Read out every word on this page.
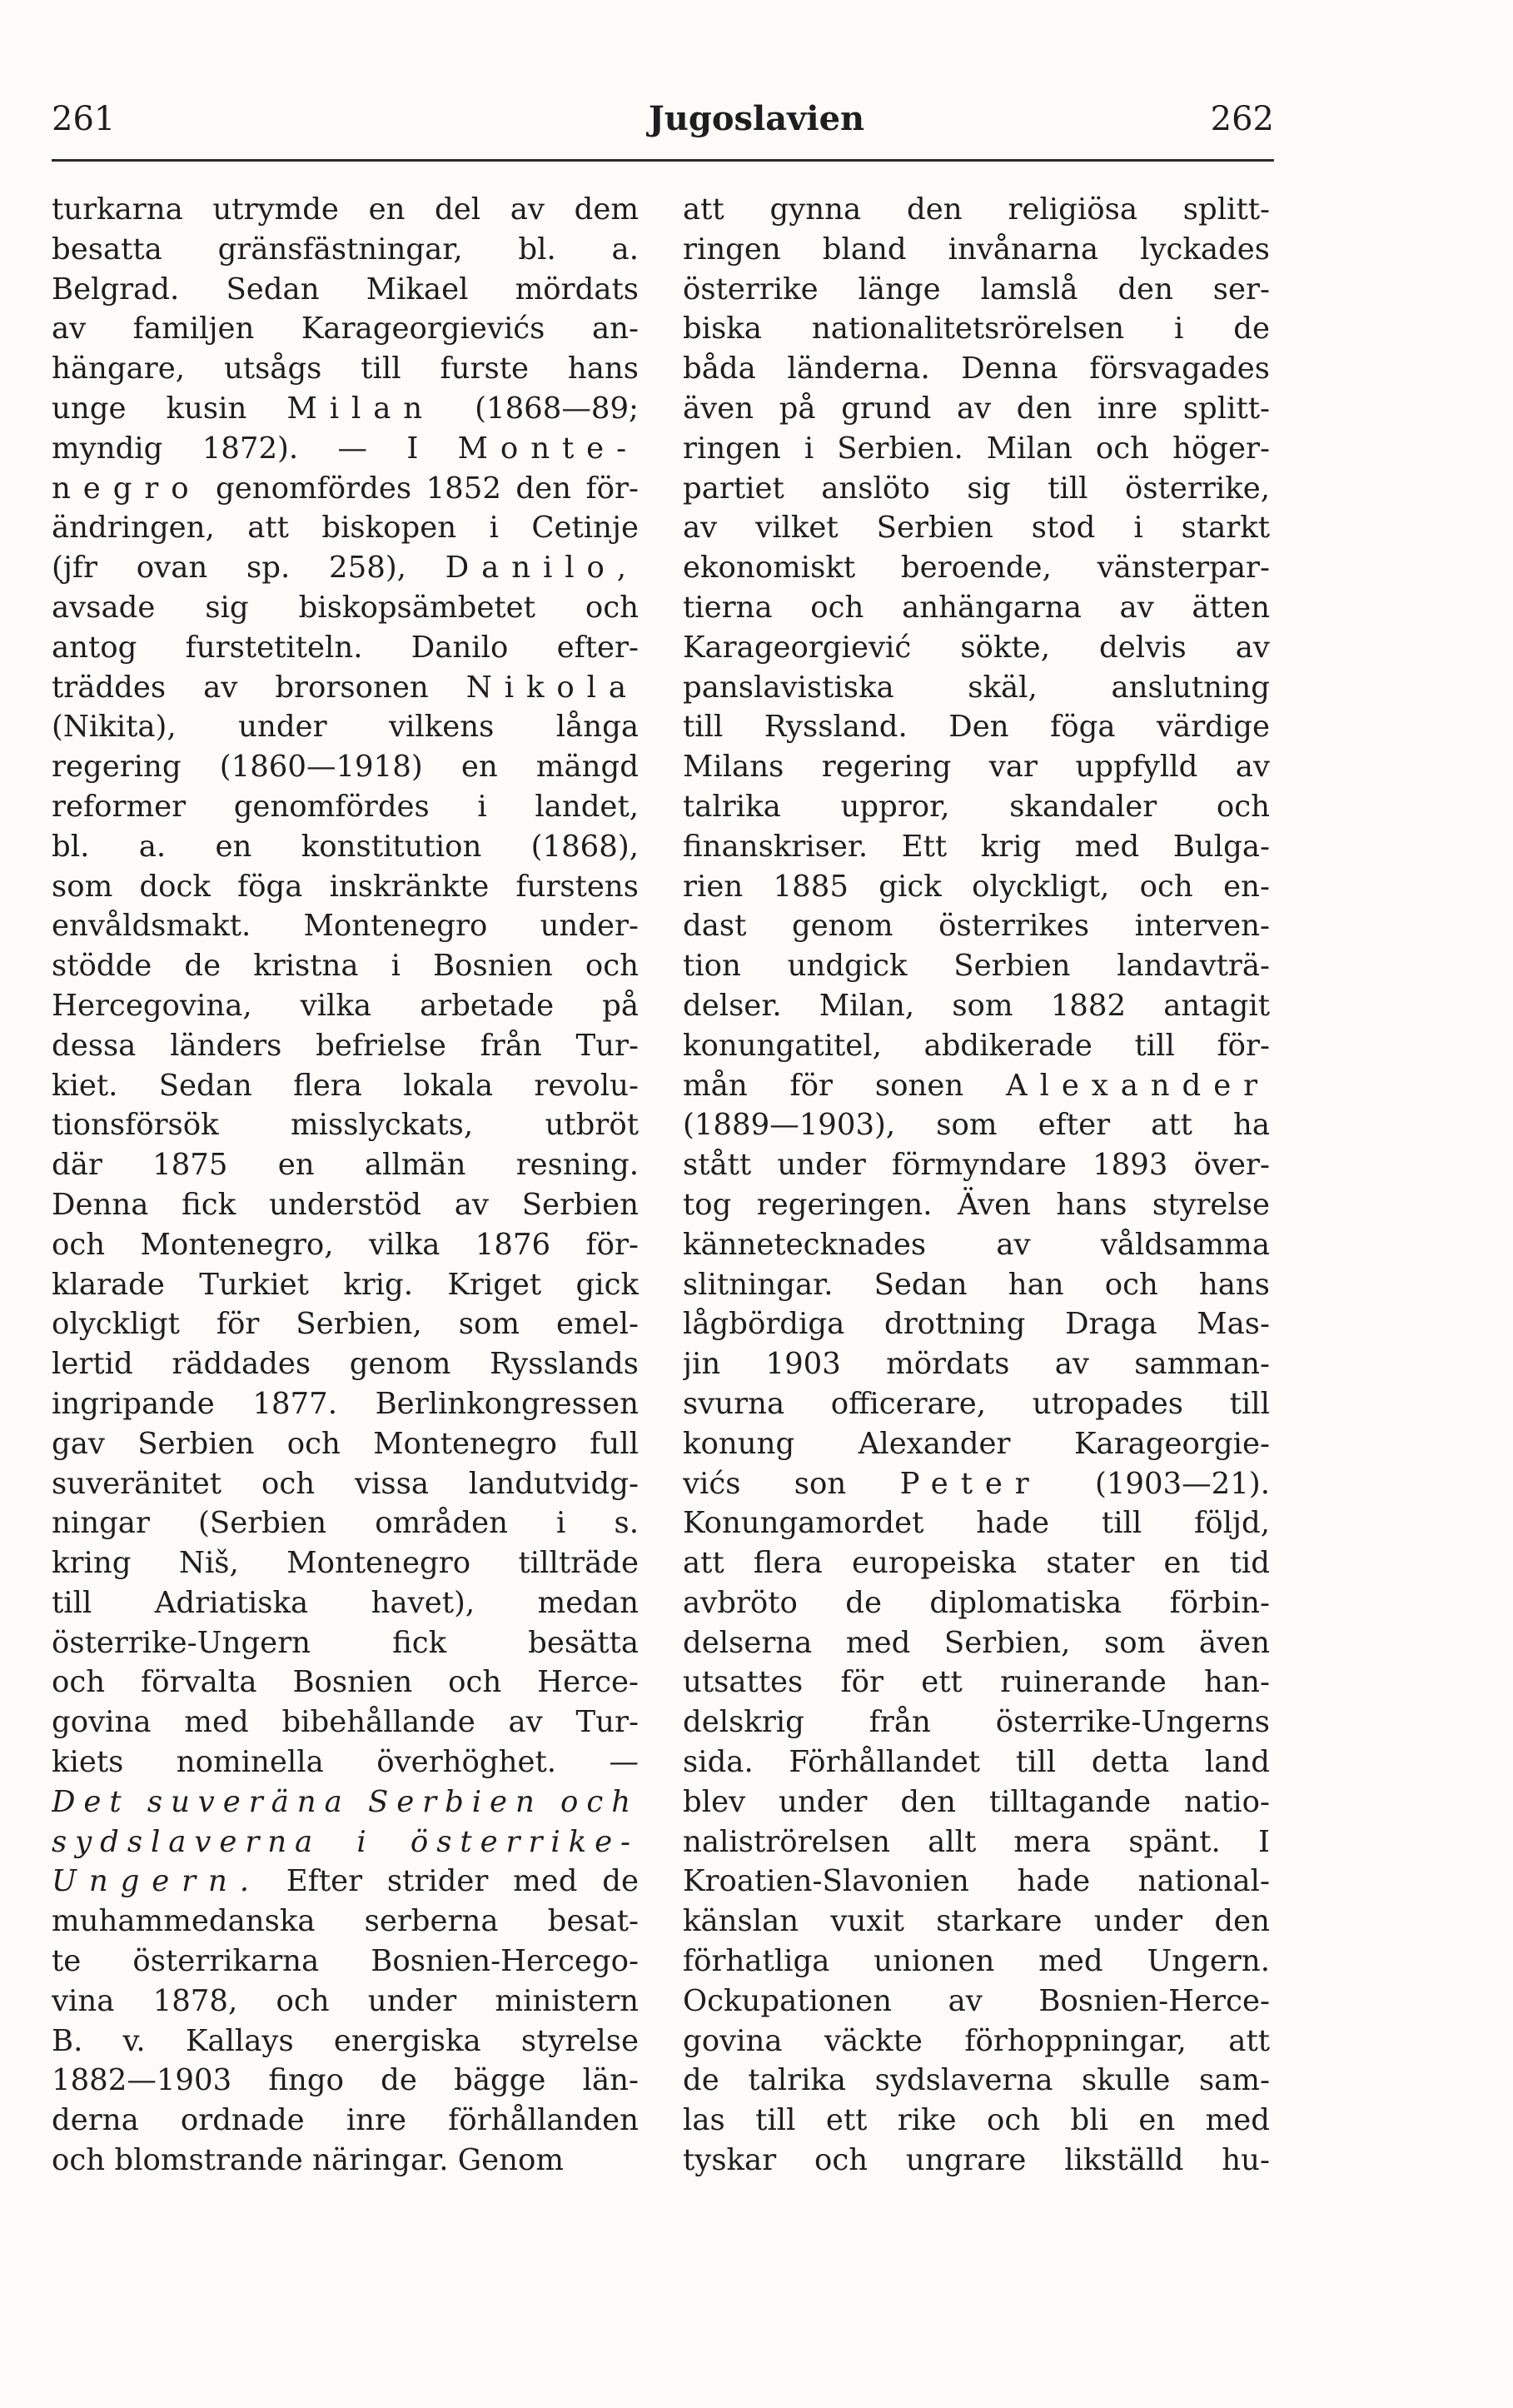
Jugoslavien
261	262
turkarna utrymde en del av dem
besatta gränsfästningar, bl. a.
Belgrad. Sedan Mikael mördats
av familjen Karageorgievićs an-
hängare, utsågs till furste hans
unge kusin Milan (1868—89;
myndig 1872). — I Monte-
negro genomfördes 1852 den för-
ändringen, att biskopen i Cetinje
(jfr ovan sp. 258), Danilo,
avsade sig biskopsämbetet och
antog furstetiteln. Danilo efter-
träddes av brorsonen Nikola
(Nikita), under vilkens långa
regering (1860—1918) en mängd
reformer genomfördes i landet,
bl. a. en konstitution (1868),
som dock föga inskränkte furstens
envåldsmakt. Montenegro under-
stödde de kristna i Bosnien och
Hercegovina, vilka arbetade på
dessa länders befrielse från Tur-
kiet. Sedan flera lokala revolu-
tionsförsök misslyckats, utbröt
där 1875 en allmän resning.
Denna fick understöd av Serbien
och Montenegro, vilka 1876 för-
klarade Turkiet krig. Kriget gick
olyckligt för Serbien, som emel-
lertid räddades genom Rysslands
ingripande 1877. Berlinkongressen
gav Serbien och Montenegro full
suveränitet och vissa landutvidg-
ningar (Serbien områden i s.
kring Niš, Montenegro tillträde
till Adriatiska havet), medan
österrike-Ungern fick besätta
och förvalta Bosnien och Herce-
govina med bibehållande av Tur-
kiets nominella överhöghet. —
Det suveräna Serbien och
sydslaverna i österrike-
Ungern. Efter strider med de
muhammedanska serberna besat-
te österrikarna Bosnien-Hercego-
vina 1878, och under ministern
B. v. Kallays energiska styrelse
1882—1903 fingo de bägge län-
derna ordnade inre förhållanden
och blomstrande näringar. Genom
att gynna den religiösa splitt-
ringen bland invånarna lyckades
österrike länge lamslå den ser-
biska nationalitetsrörelsen i de
båda länderna. Denna försvagades
även på grund av den inre splitt-
ringen i Serbien. Milan och höger-
partiet anslöto sig till österrike,
av vilket Serbien stod i starkt
ekonomiskt beroende, vänsterpar-
tierna och anhängarna av ätten
Karageorgiević sökte, delvis av
panslavistiska skäl, anslutning
till Ryssland. Den föga värdige
Milans regering var uppfylld av
talrika uppror, skandaler och
finanskriser. Ett krig med Bulga-
rien 1885 gick olyckligt, och en-
dast genom österrikes interven-
tion undgick Serbien landavträ-
delser. Milan, som 1882 antagit
konungatitel, abdikerade till för-
mån för sonen Alexander
(1889—1903), som efter att ha
stått under förmyndare 1893 över-
tog regeringen. Även hans styrelse
kännetecknades av våldsamma
slitningar. Sedan han och hans
lågbördiga drottning Draga Mas-
jin 1903 mördats av samman-
svurna officerare, utropades till
konung Alexander Karageorgie-
vićs son Peter (1903—21).
Konungamordet hade till följd,
att flera europeiska stater en tid
avbröto de diplomatiska förbin-
delserna med Serbien, som även
utsattes för ett ruinerande han-
delskrig från österrike-Ungerns
sida. Förhållandet till detta land
blev under den tilltagande natio-
naliströrelsen allt mera spänt. I
Kroatien-Slavonien hade national-
känslan vuxit starkare under den
förhatliga unionen med Ungern.
Ockupationen av Bosnien-Herce-
govina väckte förhoppningar, att
de talrika sydslaverna skulle sam-
las till ett rike och bli en med
tyskar och ungrare likställd hu-
